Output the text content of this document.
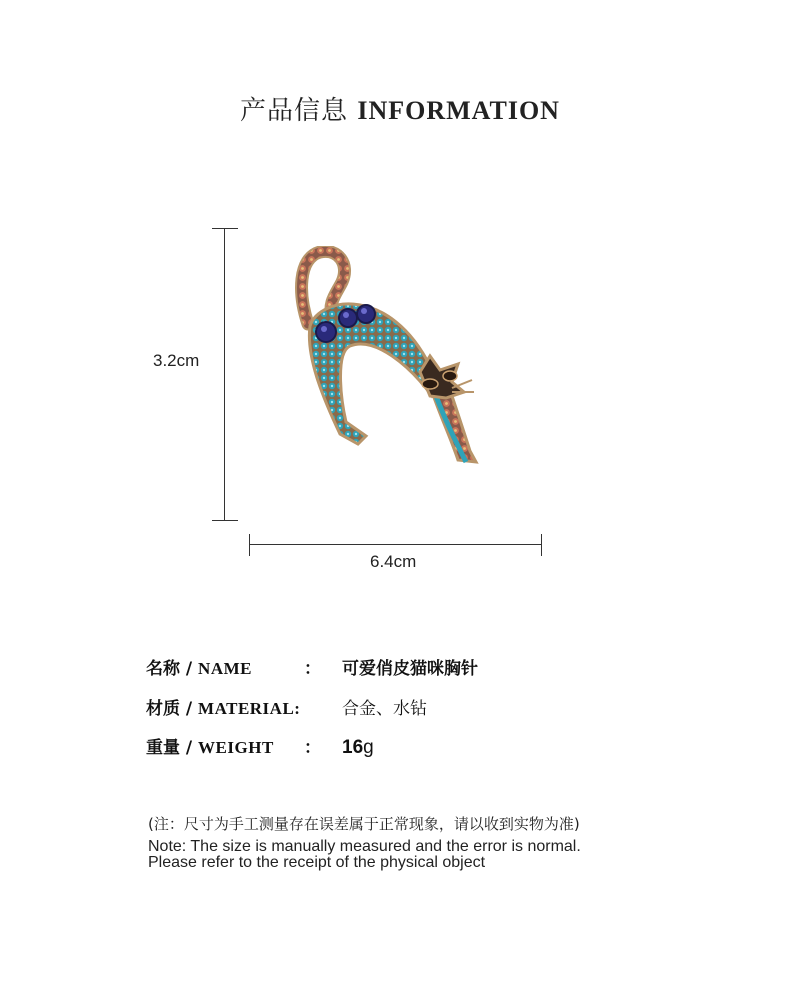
产品信息 INFORMATION
3.2cm
6.4cm
名称 / NAME	：	可爱俏皮猫咪胸针
材质 / MATERIAL:	合金、水钻
重量 / WEIGHT	：	16g
(注：尺寸为手工测量存在误差属于正常现象，请以收到实物为准)
Note: The size is manually measured and the error is normal.
Please refer to the receipt of the physical object
